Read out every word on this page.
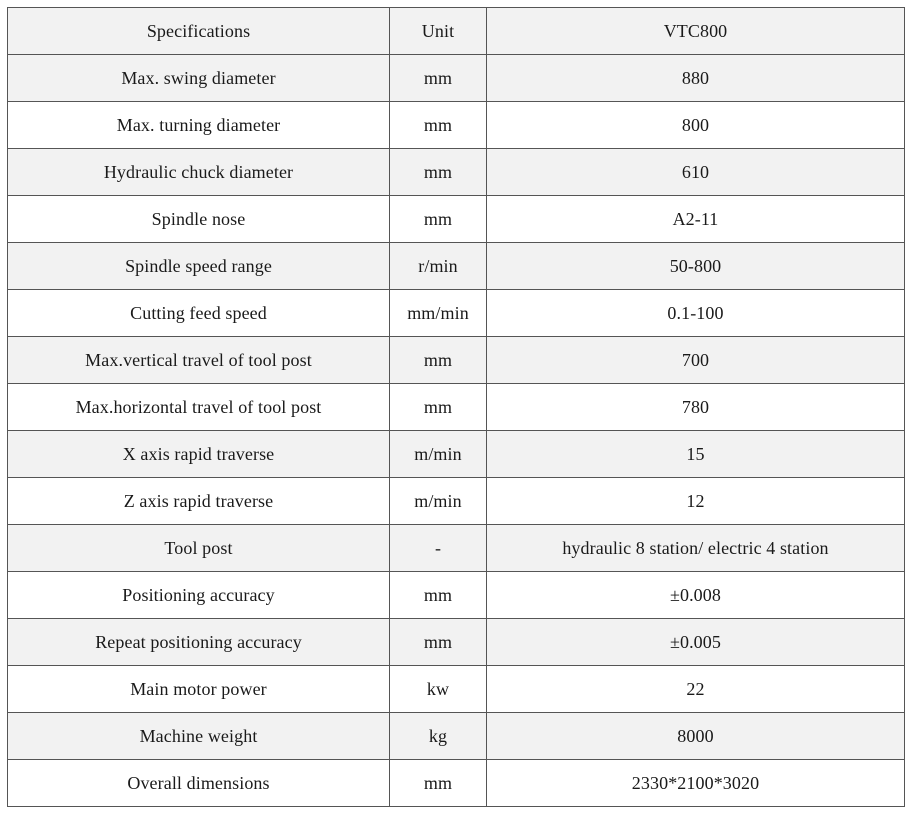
Specifications	Unit	VTC800
Max. swing diameter	mm	880
Max. turning diameter	mm	800
Hydraulic chuck diameter	mm	610
Spindle nose	mm	A2-11
Spindle speed range	r/min	50-800
Cutting feed speed	mm/min	0.1-100
Max.vertical travel of tool post	mm	700
Max.horizontal travel of tool post	mm	780
X axis rapid traverse	m/min	15
Z axis rapid traverse	m/min	12
Tool post	-	hydraulic 8 station/ electric 4 station
Positioning accuracy	mm	±0.008
Repeat positioning accuracy	mm	±0.005
Main motor power	kw	22
Machine weight	kg	8000
Overall dimensions	mm	2330*2100*3020
